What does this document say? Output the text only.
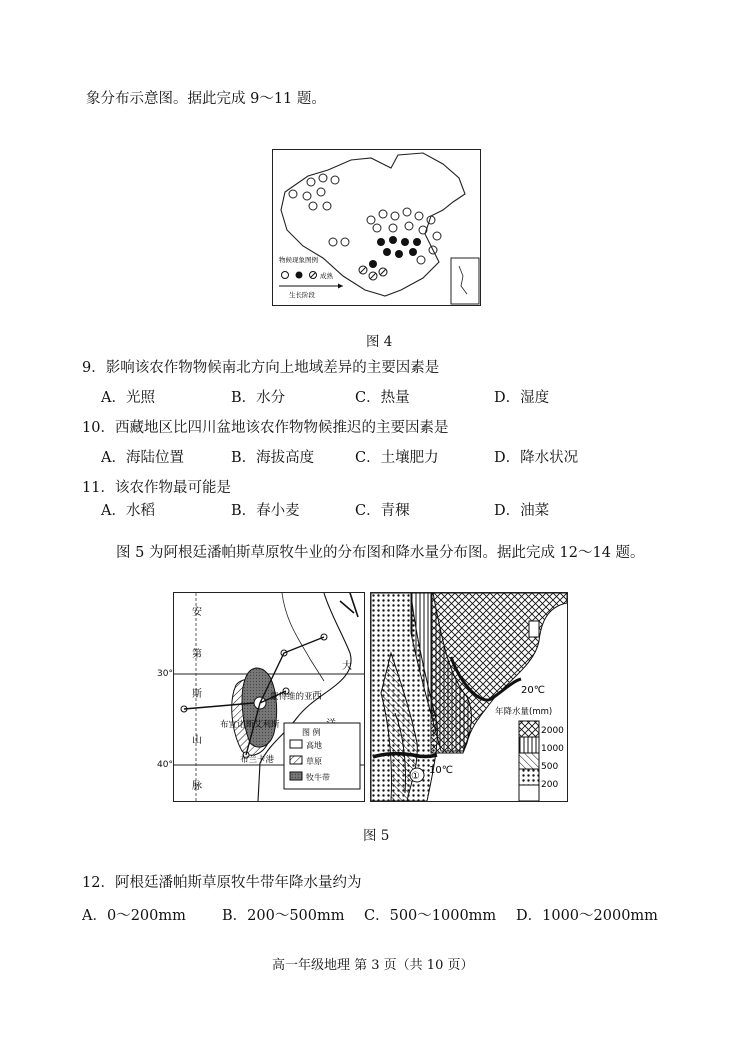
象分布示意图。据此完成 9～11 题。
物候现象图例
成熟
生长阶段
图 4
9．影响该农作物物候南北方向上地域差异的主要因素是
A．光照	B．水分	C．热量	D．湿度
10．西藏地区比四川盆地该农作物物候推迟的主要因素是
A．海陆位置	B．海拔高度	C．土壤肥力	D．降水状况
11．该农作物最可能是
A．水稻	B．春小麦	C．青稞	D．油菜
图 5 为阿根廷潘帕斯草原牧牛业的分布图和降水量分布图。据此完成 12～14 题。
安
第
斯
山
脉
大
西
蒙得维的亚
布宜诺斯艾利斯
布兰卡港
图 例
高地
草原
牧牛带
30°
40°
20℃
10℃
①
年降水量(mm)
2000
1000
500
200
图 5
12．阿根廷潘帕斯草原牧牛带年降水量约为
A．0～200mm B．200～500mm C．500～1000mm D．1000～2000mm
高一年级地理 第 3 页（共 10 页）
